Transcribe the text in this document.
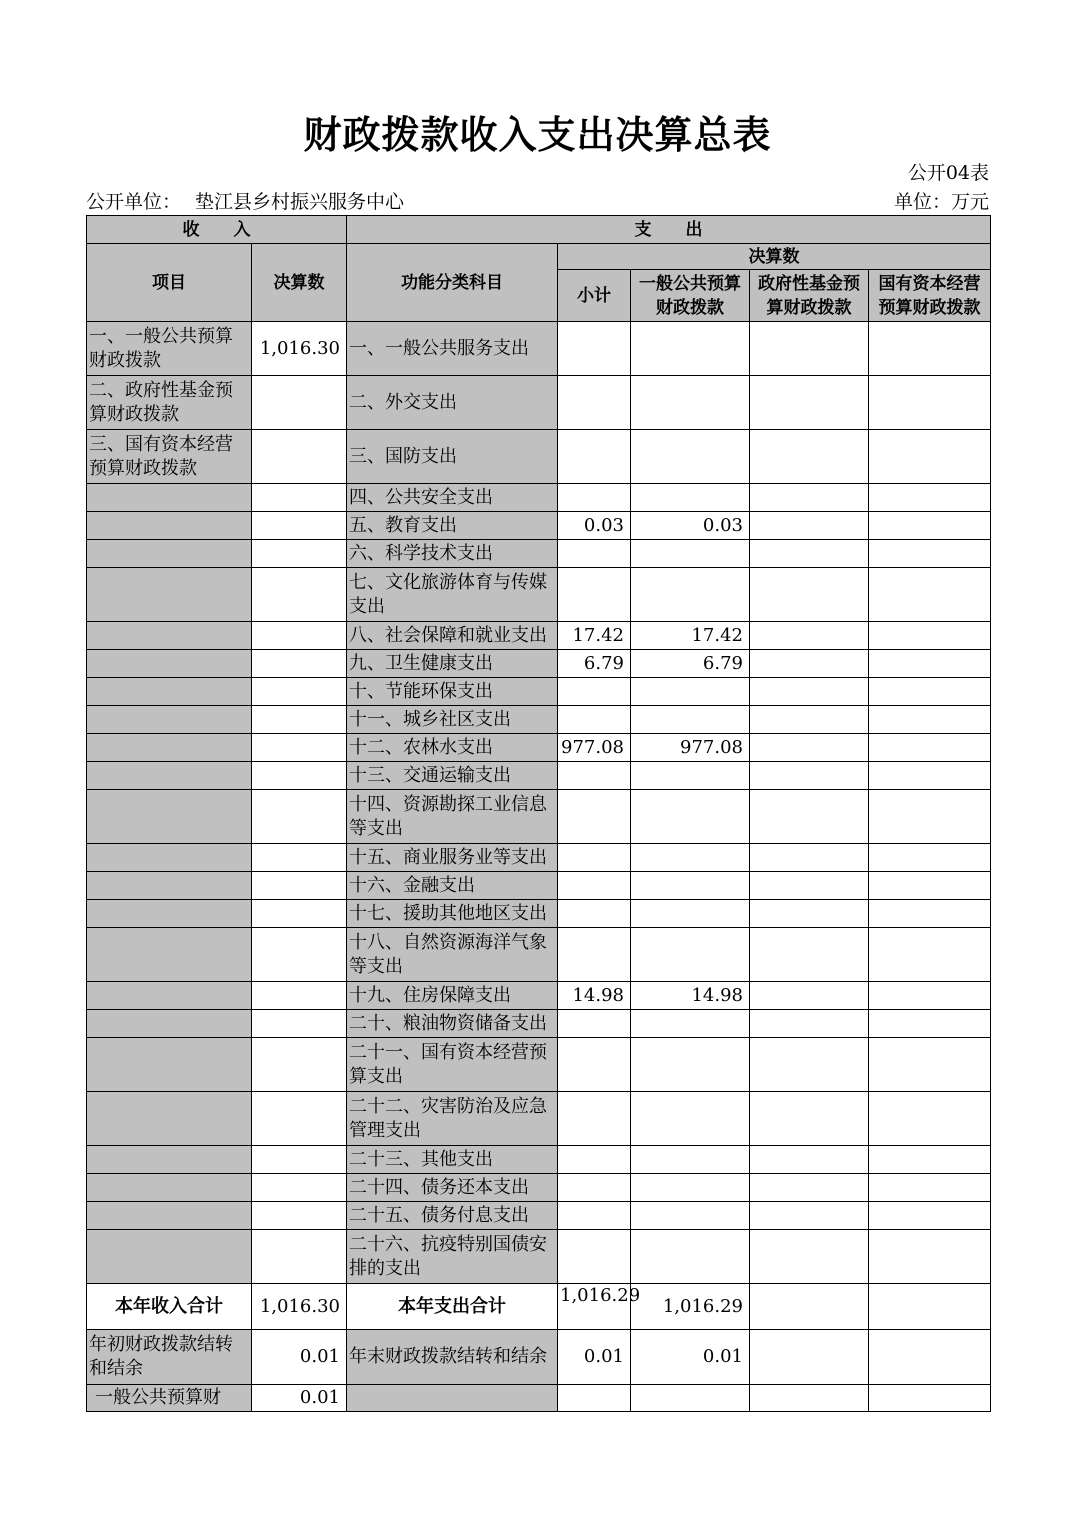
财政拨款收入支出决算总表
公开04表
公开单位： 垫江县乡村振兴服务中心	单位：万元
收　　入		支　　出				
项目	决算数	功能分类科目	决算数			
			小计	一般公共预算财政拨款	政府性基金预算财政拨款	国有资本经营预算财政拨款
一、一般公共预算财政拨款	1,016.30	一、一般公共服务支出				
二、政府性基金预算财政拨款		二、外交支出				
三、国有资本经营预算财政拨款		三、国防支出				
		四、公共安全支出				
		五、教育支出	0.03	0.03		
		六、科学技术支出				
		七、文化旅游体育与传媒支出				
		八、社会保障和就业支出	17.42	17.42		
		九、卫生健康支出	6.79	6.79		
		十、节能环保支出				
		十一、城乡社区支出				
		十二、农林水支出	977.08	977.08		
		十三、交通运输支出				
		十四、资源勘探工业信息等支出				
		十五、商业服务业等支出				
		十六、金融支出				
		十七、援助其他地区支出				
		十八、自然资源海洋气象等支出				
		十九、住房保障支出	14.98	14.98		
		二十、粮油物资储备支出				
		二十一、国有资本经营预算支出				
		二十二、灾害防治及应急管理支出				
		二十三、其他支出				
		二十四、债务还本支出				
		二十五、债务付息支出				
		二十六、抗疫特别国债安排的支出				
本年收入合计	1,016.30	本年支出合计	1,016.29	1,016.29		
年初财政拨款结转和结余	0.01	年末财政拨款结转和结余	0.01	0.01		
一般公共预算财	0.01					
